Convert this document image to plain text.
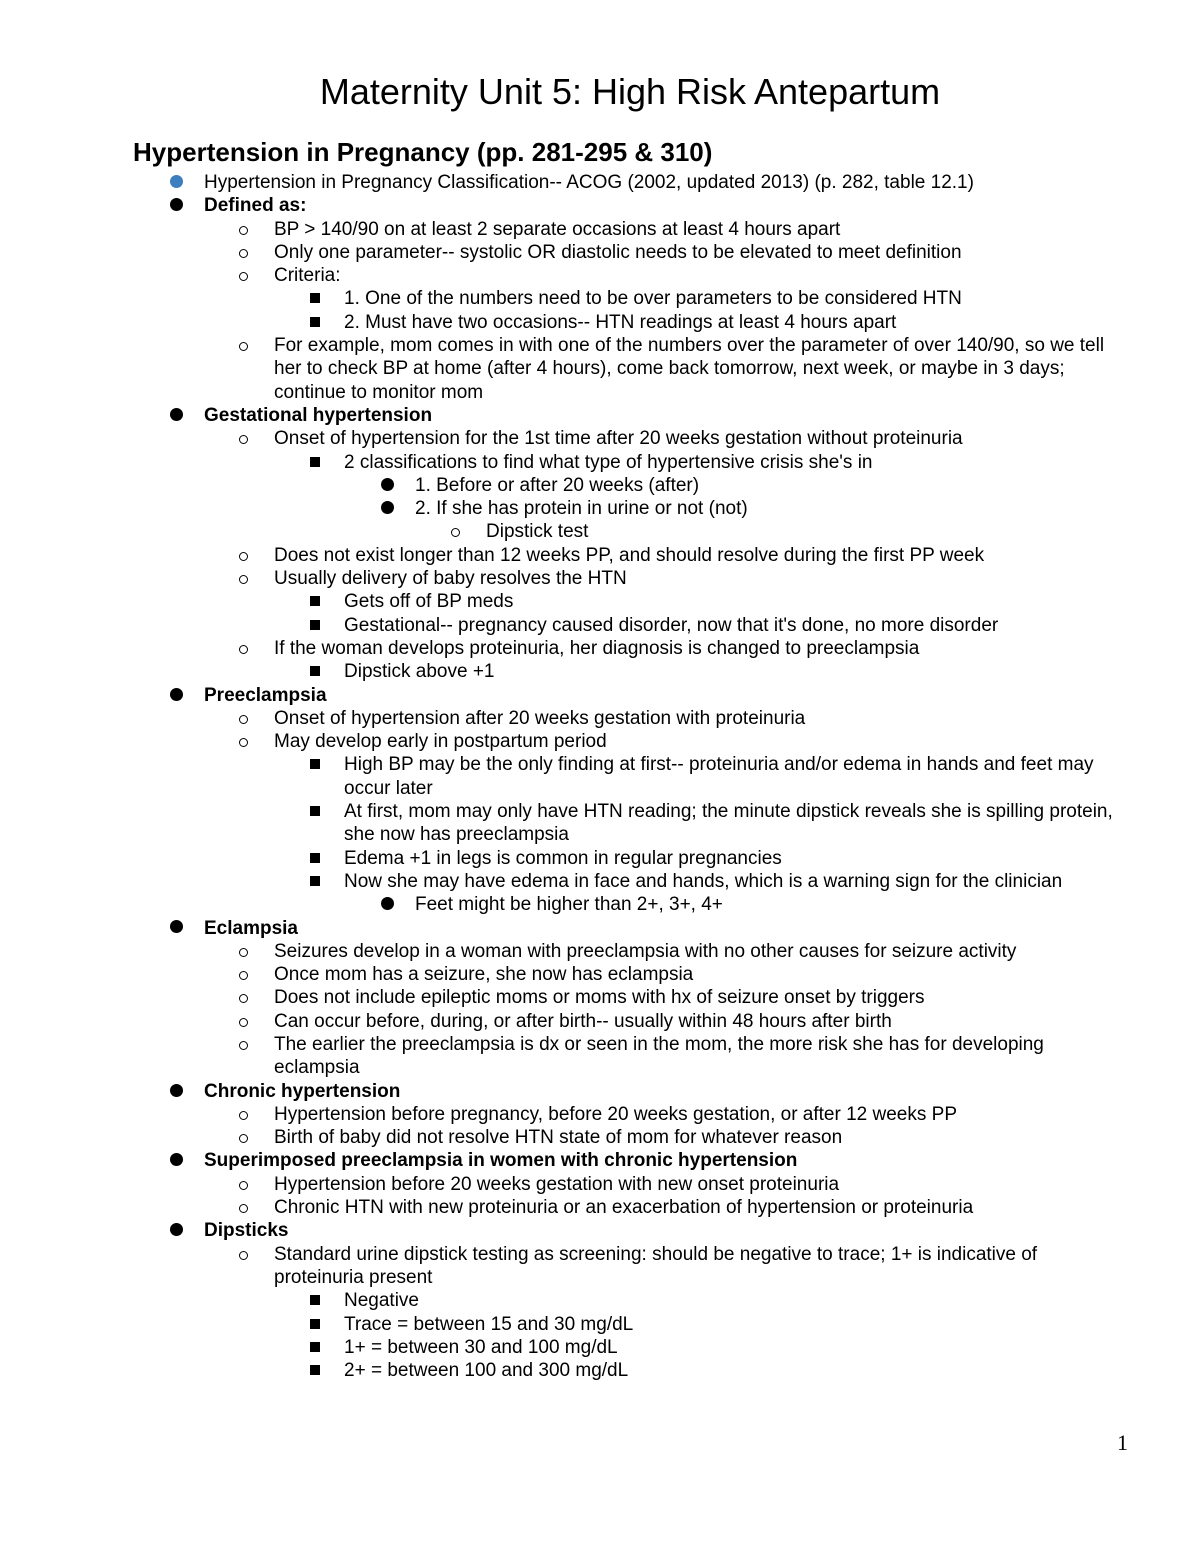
Maternity Unit 5: High Risk Antepartum
Hypertension in Pregnancy (pp. 281-295 & 310)
Hypertension in Pregnancy Classification-- ACOG (2002, updated 2013) (p. 282, table 12.1)
Defined as:
BP > 140/90 on at least 2 separate occasions at least 4 hours apart
Only one parameter-- systolic OR diastolic needs to be elevated to meet definition
Criteria:
1. One of the numbers need to be over parameters to be considered HTN
2. Must have two occasions-- HTN readings at least 4 hours apart
For example, mom comes in with one of the numbers over the parameter of over 140/90, so we tell her to check BP at home (after 4 hours), come back tomorrow, next week, or maybe in 3 days; continue to monitor mom
Gestational hypertension
Onset of hypertension for the 1st time after 20 weeks gestation without proteinuria
2 classifications to find what type of hypertensive crisis she's in
1. Before or after 20 weeks (after)
2. If she has protein in urine or not (not)
Dipstick test
Does not exist longer than 12 weeks PP, and should resolve during the first PP week
Usually delivery of baby resolves the HTN
Gets off of BP meds
Gestational-- pregnancy caused disorder, now that it's done, no more disorder
If the woman develops proteinuria, her diagnosis is changed to preeclampsia
Dipstick above +1
Preeclampsia
Onset of hypertension after 20 weeks gestation with proteinuria
May develop early in postpartum period
High BP may be the only finding at first-- proteinuria and/or edema in hands and feet may occur later
At first, mom may only have HTN reading; the minute dipstick reveals she is spilling protein, she now has preeclampsia
Edema +1 in legs is common in regular pregnancies
Now she may have edema in face and hands, which is a warning sign for the clinician
Feet might be higher than 2+, 3+, 4+
Eclampsia
Seizures develop in a woman with preeclampsia with no other causes for seizure activity
Once mom has a seizure, she now has eclampsia
Does not include epileptic moms or moms with hx of seizure onset by triggers
Can occur before, during, or after birth-- usually within 48 hours after birth
The earlier the preeclampsia is dx or seen in the mom, the more risk she has for developing eclampsia
Chronic hypertension
Hypertension before pregnancy, before 20 weeks gestation, or after 12 weeks PP
Birth of baby did not resolve HTN state of mom for whatever reason
Superimposed preeclampsia in women with chronic hypertension
Hypertension before 20 weeks gestation with new onset proteinuria
Chronic HTN with new proteinuria or an exacerbation of hypertension or proteinuria
Dipsticks
Standard urine dipstick testing as screening: should be negative to trace; 1+ is indicative of proteinuria present
Negative
Trace = between 15 and 30 mg/dL
1+ = between 30 and 100 mg/dL
2+ = between 100 and 300 mg/dL
1
